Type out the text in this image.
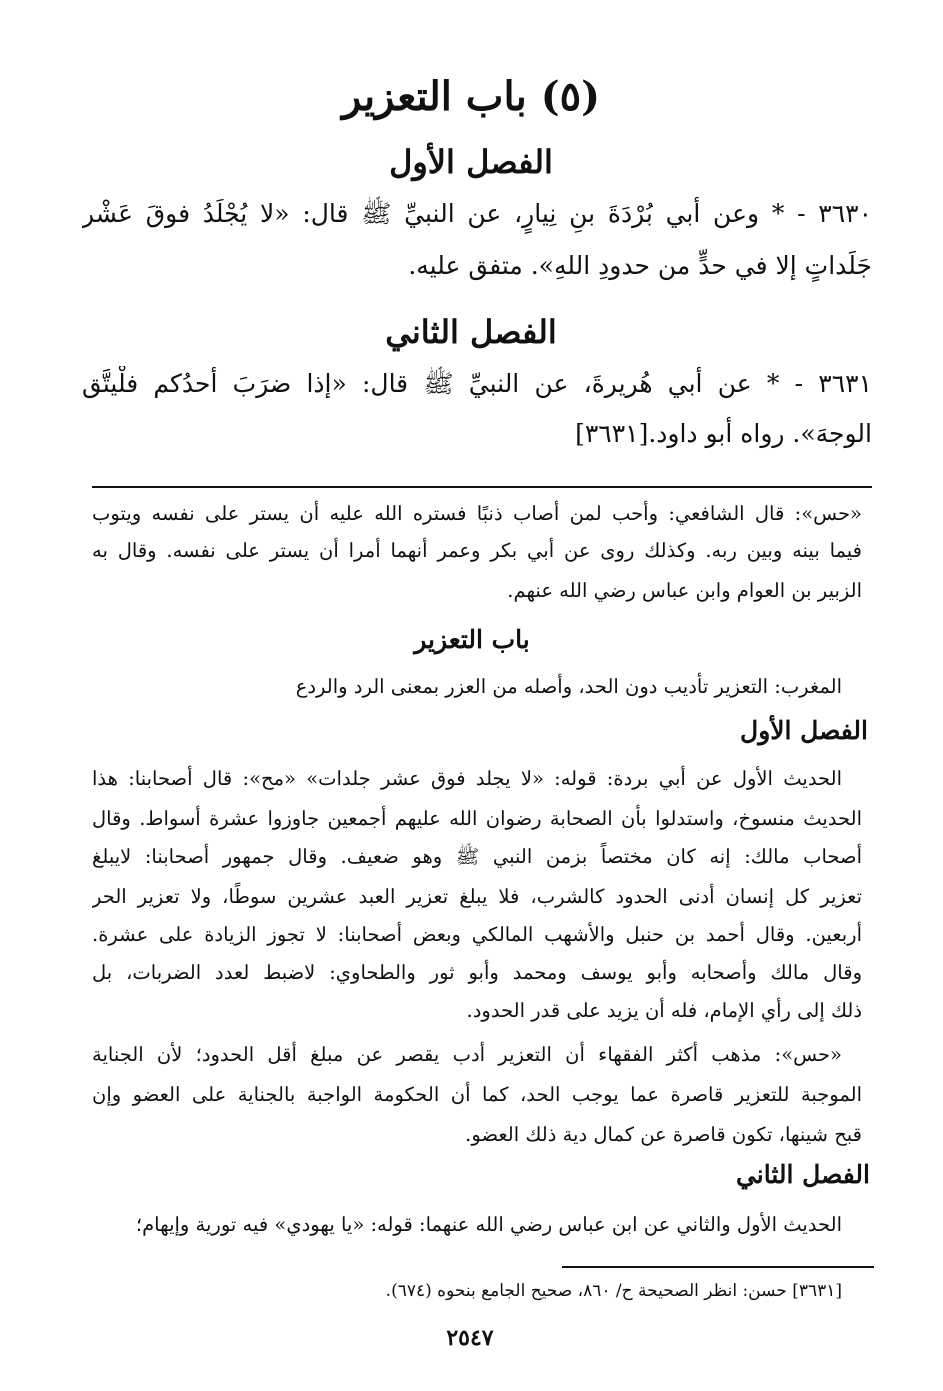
(٥) باب التعزير
الفصل الأول
٣٦٣٠ - * وعن أبي بُرْدَةَ بنِ نِيارٍ، عن النبيِّ ﷺ قال: «لا يُجْلَدُ فوقَ عَشْر
جَلَداتٍ إلا في حدٍّ من حدودِ اللهِ». متفق عليه.
الفصل الثاني
٣٦٣١ - * عن أبي هُريرةَ، عن النبيِّ ﷺ قال: «إذا ضرَبَ أحدُكم فلْيتَّق
الوجهَ». رواه أبو داود.[٣٦٣١]
«حس»: قال الشافعي: وأحب لمن أصاب ذنبًا فستره الله عليه أن يستر على نفسه ويتوب
فيما بينه وبين ربه. وكذلك روى عن أبي بكر وعمر أنهما أمرا أن يستر على نفسه. وقال به
الزبير بن العوام وابن عباس رضي الله عنهم.
باب التعزير
المغرب: التعزير تأديب دون الحد، وأصله من العزر بمعنى الرد والردع
الفصل الأول
الحديث الأول عن أبي بردة: قوله: «لا يجلد فوق عشر جلدات» «مح»: قال أصحابنا: هذا
الحديث منسوخ، واستدلوا بأن الصحابة رضوان الله عليهم أجمعين جاوزوا عشرة أسواط. وقال
أصحاب مالك: إنه كان مختصاً بزمن النبي ﷺ وهو ضعيف. وقال جمهور أصحابنا: لايبلغ
تعزير كل إنسان أدنى الحدود كالشرب، فلا يبلغ تعزير العبد عشرين سوطًا، ولا تعزير الحر
أربعين. وقال أحمد بن حنبل والأشهب المالكي وبعض أصحابنا: لا تجوز الزيادة على عشرة.
وقال مالك وأصحابه وأبو يوسف ومحمد وأبو ثور والطحاوي: لاضبط لعدد الضربات، بل
ذلك إلى رأي الإمام، فله أن يزيد على قدر الحدود.
«حس»: مذهب أكثر الفقهاء أن التعزير أدب يقصر عن مبلغ أقل الحدود؛ لأن الجناية
الموجبة للتعزير قاصرة عما يوجب الحد، كما أن الحكومة الواجبة بالجناية على العضو وإن
قبح شينها، تكون قاصرة عن كمال دية ذلك العضو.
الفصل الثاني
الحديث الأول والثاني عن ابن عباس رضي الله عنهما: قوله: «يا يهودي» فيه تورية وإيهام؛
[٣٦٣١] حسن: انظر الصحيحة ح/ ٨٦٠، صحيح الجامع بنحوه (٦٧٤).
٢٥٤٧
